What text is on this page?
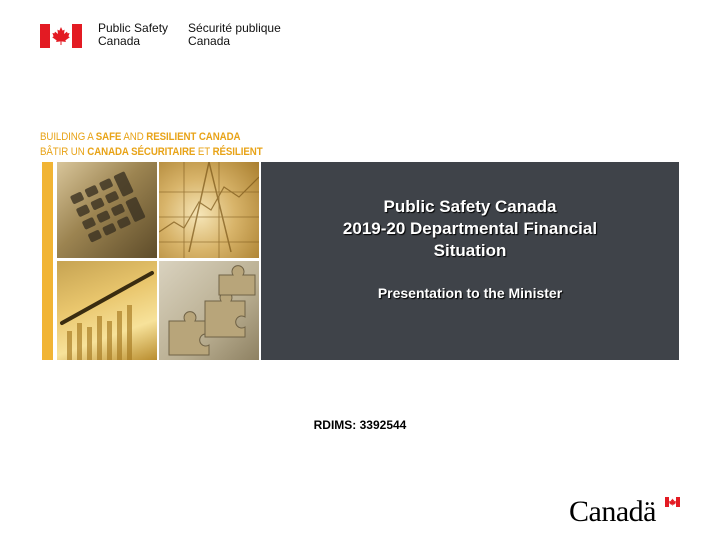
Public Safety
Canada
Sécurité publique
Canada
BUILDING A SAFE AND RESILIENT CANADA
BÂTIR UN CANADA SÉCURITAIRE ET RÉSILIENT
Public Safety Canada
2019-20 Departmental Financial
Situation
Presentation to the Minister
RDIMS: 3392544
Canadä
